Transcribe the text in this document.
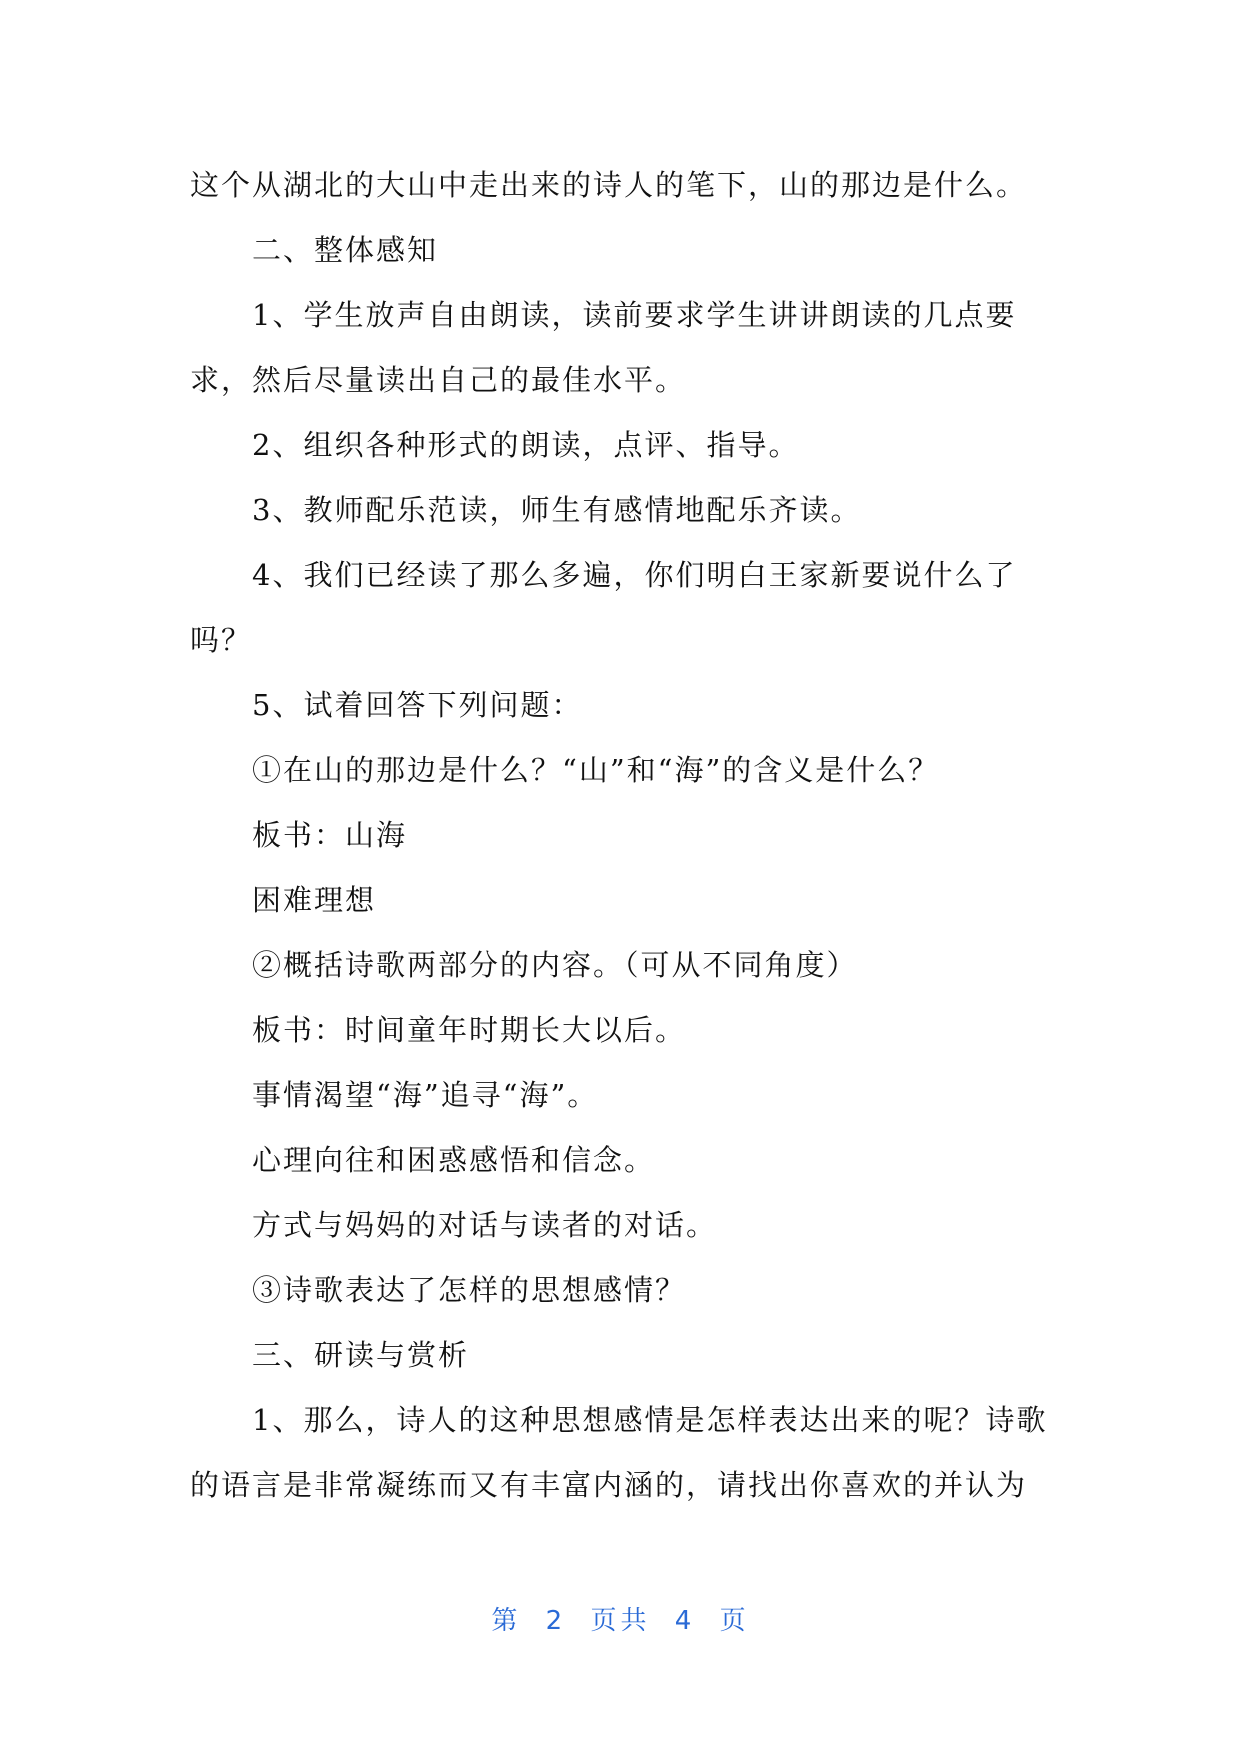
这个从湖北的大山中走出来的诗人的笔下，山的那边是什么。

二、整体感知

1、学生放声自由朗读，读前要求学生讲讲朗读的几点要求，然后尽量读出自己的最佳水平。

2、组织各种形式的朗读，点评、指导。

3、教师配乐范读，师生有感情地配乐齐读。

4、我们已经读了那么多遍，你们明白王家新要说什么了吗？

5、试着回答下列问题：

①在山的那边是什么？“山”和“海”的含义是什么？

板书：山海

困难理想

②概括诗歌两部分的内容。（可从不同角度）

板书：时间童年时期长大以后。

事情渴望“海”追寻“海”。

心理向往和困惑感悟和信念。

方式与妈妈的对话与读者的对话。

③诗歌表达了怎样的思想感情？

三、研读与赏析

1、那么，诗人的这种思想感情是怎样表达出来的呢？诗歌的语言是非常凝练而又有丰富内涵的，请找出你喜欢的并认为

第 2 页共 4 页
